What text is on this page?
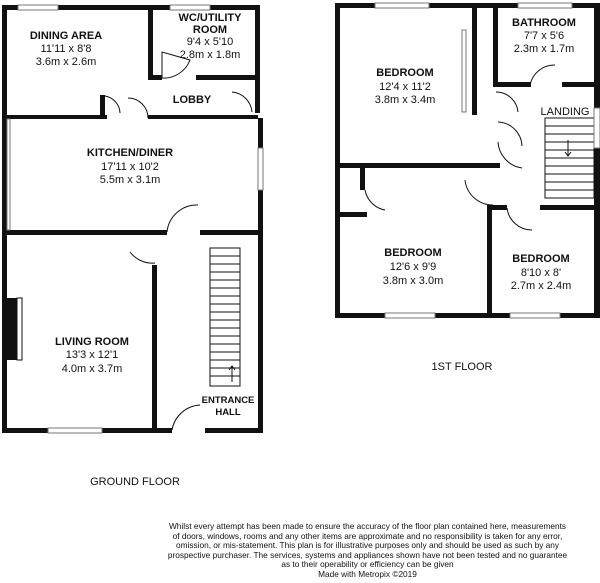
DINING AREA
11'11 x 8'8
3.6m x 2.6m
WC/UTILITY
ROOM
9'4 x 5'10
2.8m x 1.8m
LOBBY
KITCHEN/DINER
17'11 x 10'2
5.5m x 3.1m
LIVING ROOM
13'3 x 12'1
4.0m x 3.7m
ENTRANCE
HALL
GROUND FLOOR
BEDROOM
12'4 x 11'2
3.8m x 3.4m
BATHROOM
7'7 x 5'6
2.3m x 1.7m
LANDING
BEDROOM
12'6 x 9'9
3.8m x 3.0m
BEDROOM
8'10 x 8'
2.7m x 2.4m
1ST FLOOR
Whilst every attempt has been made to ensure the accuracy of the floor plan contained here, measurements
of doors, windows, rooms and any other items are approximate and no responsibility is taken for any error,
omission, or mis-statement. This plan is for illustrative purposes only and should be used as such by any
prospective purchaser. The services, systems and appliances shown have not been tested and no guarantee
as to their operability or efficiency can be given
Made with Metropix ©2019
